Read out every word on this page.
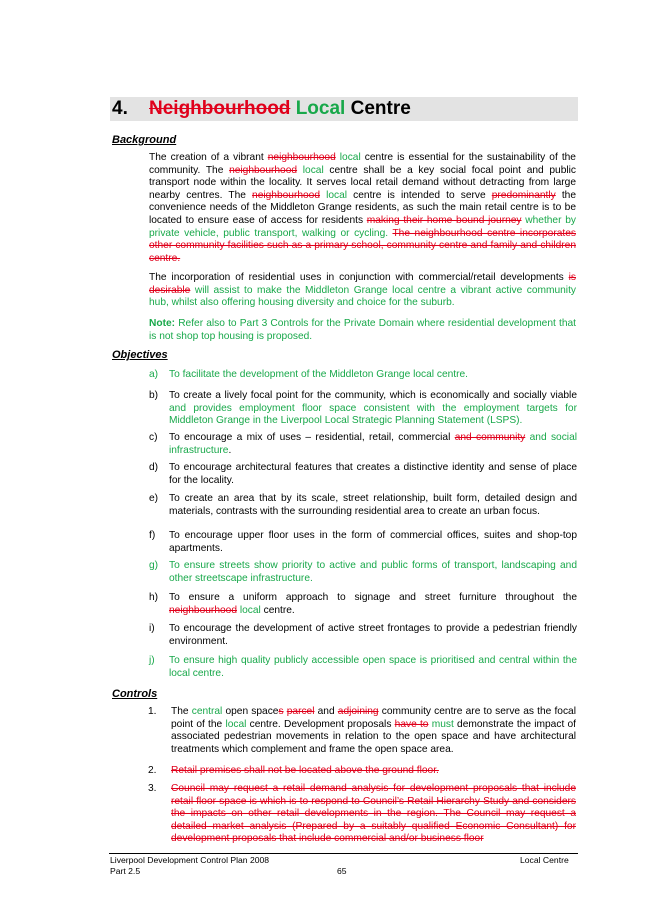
4. Neighbourhood Local Centre
Background

The creation of a vibrant neighbourhood local centre is essential for the sustainability of the community. The neighbourhood local centre shall be a key social focal point and public transport node within the locality. It serves local retail demand without detracting from large nearby centres. The neighbourhood local centre is intended to serve predominantly the convenience needs of the Middleton Grange residents, as such the main retail centre is to be located to ensure ease of access for residents making their home bound journey whether by private vehicle, public transport, walking or cycling. The neighbourhood centre incorporates other community facilities such as a primary school, community centre and family and children centre.

The incorporation of residential uses in conjunction with commercial/retail developments is desirable will assist to make the Middleton Grange local centre a vibrant active community hub, whilst also offering housing diversity and choice for the suburb.

Note: Refer also to Part 3 Controls for the Private Domain where residential development that is not shop top housing is proposed.

Objectives
a)	To facilitate the development of the Middleton Grange local centre.
b)	To create a lively focal point for the community, which is economically and socially viable and provides employment floor space consistent with the employment targets for Middleton Grange in the Liverpool Local Strategic Planning Statement (LSPS).
c)	To encourage a mix of uses – residential, retail, commercial and community and social infrastructure.
d)	To encourage architectural features that creates a distinctive identity and sense of place for the locality.
e)	To create an area that by its scale, street relationship, built form, detailed design and materials, contrasts with the surrounding residential area to create an urban focus.
f)	To encourage upper floor uses in the form of commercial offices, suites and shop-top apartments.
g)	To ensure streets show priority to active and public forms of transport, landscaping and other streetscape infrastructure.
h)	To ensure a uniform approach to signage and street furniture throughout the neighbourhood local centre.
i)	To encourage the development of active street frontages to provide a pedestrian friendly environment.
j)	To ensure high quality publicly accessible open space is prioritised and central within the local centre.
Controls
1.	The central open spaces parcel and adjoining community centre are to serve as the focal point of the local centre. Development proposals have to must demonstrate the impact of associated pedestrian movements in relation to the open space and have architectural treatments which complement and frame the open space area.
2.	Retail premises shall not be located above the ground floor.
3.	Council may request a retail demand analysis for development proposals that include retail floor space is which is to respond to Council’s Retail Hierarchy Study and considers the impacts on other retail developments in the region. The Council may request a detailed market analysis (Prepared by a suitably qualified Economic Consultant) for development proposals that include commercial and/or business floor
Liverpool Development Control Plan 2008
Part 2.5	65
Local Centre
